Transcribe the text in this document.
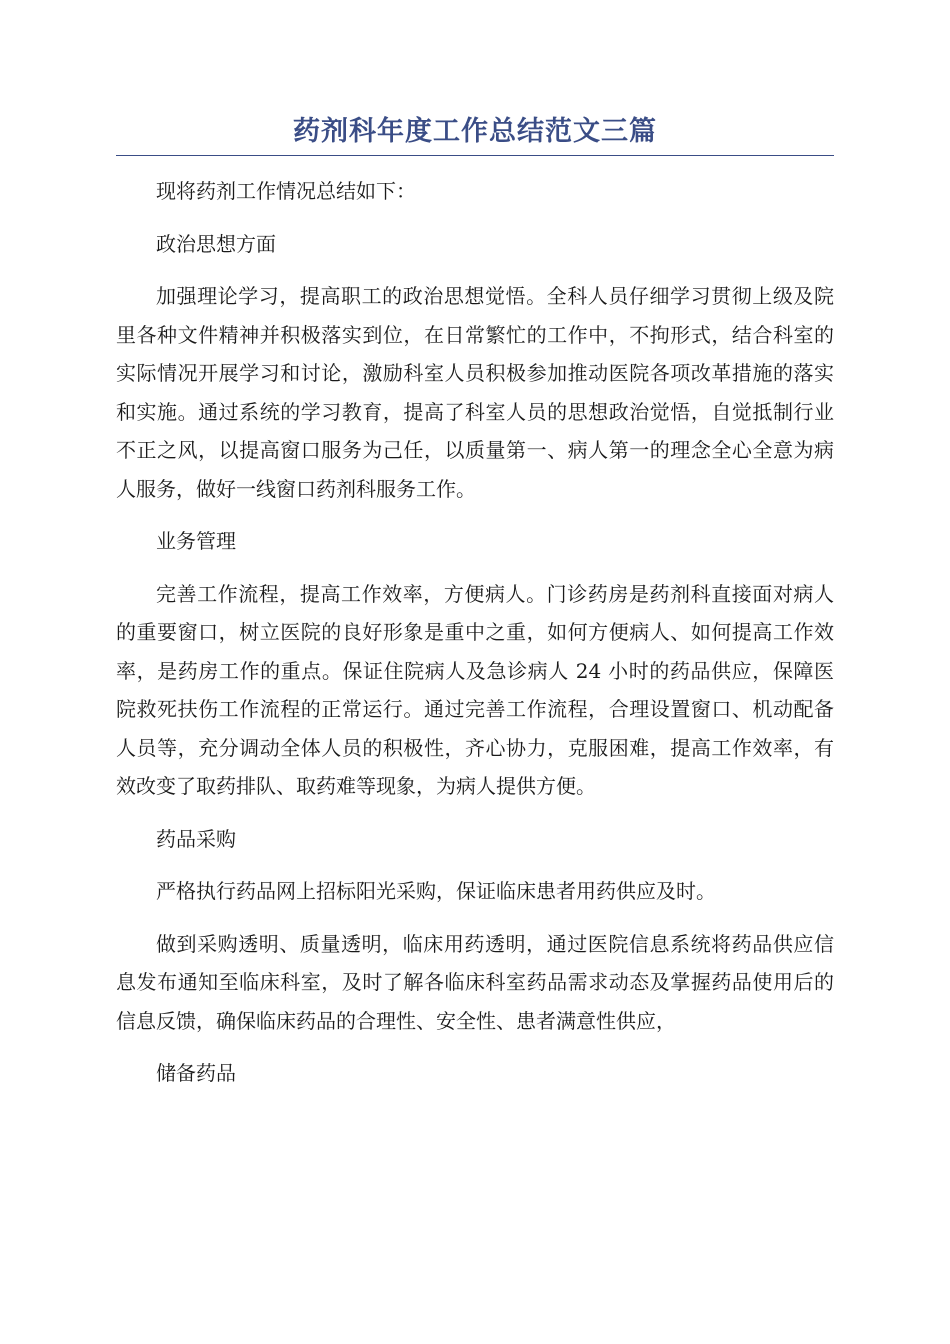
药剂科年度工作总结范文三篇

现将药剂工作情况总结如下：

政治思想方面

加强理论学习，提高职工的政治思想觉悟。全科人员仔细学习贯彻上级及院里各种文件精神并积极落实到位，在日常繁忙的工作中，不拘形式，结合科室的实际情况开展学习和讨论，激励科室人员积极参加推动医院各项改革措施的落实和实施。通过系统的学习教育，提高了科室人员的思想政治觉悟，自觉抵制行业不正之风，以提高窗口服务为己任，以质量第一、病人第一的理念全心全意为病人服务，做好一线窗口药剂科服务工作。

业务管理

完善工作流程，提高工作效率，方便病人。门诊药房是药剂科直接面对病人的重要窗口，树立医院的良好形象是重中之重，如何方便病人、如何提高工作效率，是药房工作的重点。保证住院病人及急诊病人 24 小时的药品供应，保障医院救死扶伤工作流程的正常运行。通过完善工作流程，合理设置窗口、机动配备人员等，充分调动全体人员的积极性，齐心协力，克服困难，提高工作效率，有效改变了取药排队、取药难等现象，为病人提供方便。

药品采购

严格执行药品网上招标阳光采购，保证临床患者用药供应及时。

做到采购透明、质量透明，临床用药透明，通过医院信息系统将药品供应信息发布通知至临床科室，及时了解各临床科室药品需求动态及掌握药品使用后的信息反馈，确保临床药品的合理性、安全性、患者满意性供应，

储备药品
